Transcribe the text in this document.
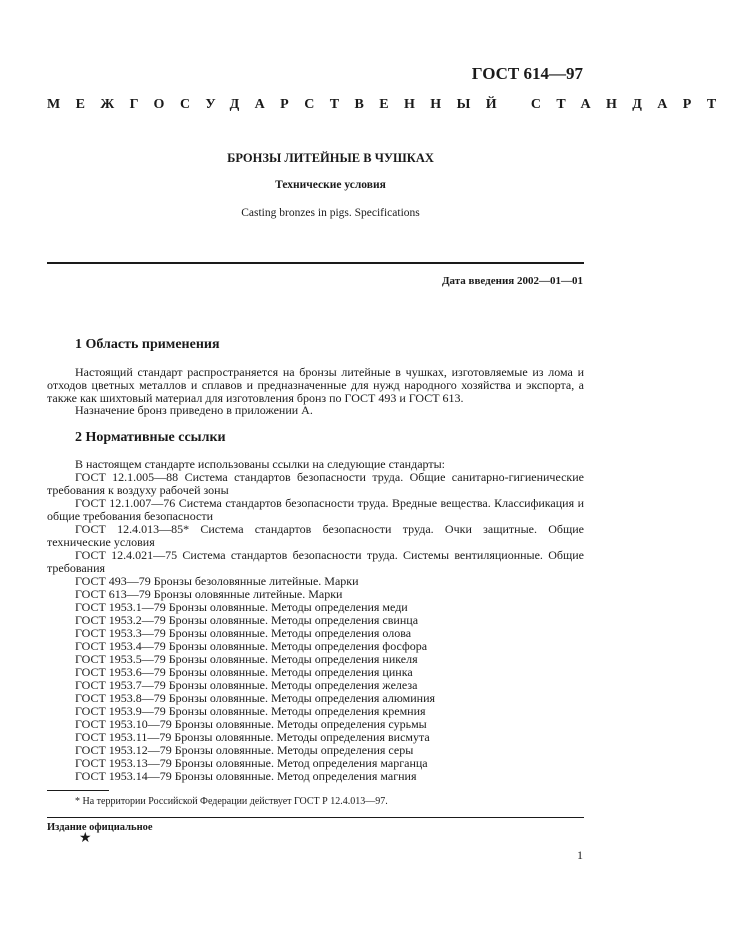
ГОСТ 614—97
МЕЖГОСУДАРСТВЕННЫЙ СТАНДАРТ
БРОНЗЫ ЛИТЕЙНЫЕ В ЧУШКАХ
Технические условия
Casting bronzes in pigs. Specifications
Дата введения 2002—01—01
1 Область применения
Настоящий стандарт распространяется на бронзы литейные в чушках, изготовляемые из лома и отходов цветных металлов и сплавов и предназначенные для нужд народного хозяйства и экспорта, а также как шихтовый материал для изготовления бронз по ГОСТ 493 и ГОСТ 613.
Назначение бронз приведено в приложении А.
2 Нормативные ссылки
В настоящем стандарте использованы ссылки на следующие стандарты:
ГОСТ 12.1.005—88 Система стандартов безопасности труда. Общие санитарно-гигиенические требования к воздуху рабочей зоны
ГОСТ 12.1.007—76 Система стандартов безопасности труда. Вредные вещества. Классификация и общие требования безопасности
ГОСТ 12.4.013—85* Система стандартов безопасности труда. Очки защитные. Общие технические условия
ГОСТ 12.4.021—75 Система стандартов безопасности труда. Системы вентиляционные. Общие требования
ГОСТ 493—79 Бронзы безоловянные литейные. Марки
ГОСТ 613—79 Бронзы оловянные литейные. Марки
ГОСТ 1953.1—79 Бронзы оловянные. Методы определения меди
ГОСТ 1953.2—79 Бронзы оловянные. Методы определения свинца
ГОСТ 1953.3—79 Бронзы оловянные. Методы определения олова
ГОСТ 1953.4—79 Бронзы оловянные. Методы определения фосфора
ГОСТ 1953.5—79 Бронзы оловянные. Методы определения никеля
ГОСТ 1953.6—79 Бронзы оловянные. Методы определения цинка
ГОСТ 1953.7—79 Бронзы оловянные. Методы определения железа
ГОСТ 1953.8—79 Бронзы оловянные. Методы определения алюминия
ГОСТ 1953.9—79 Бронзы оловянные. Методы определения кремния
ГОСТ 1953.10—79 Бронзы оловянные. Методы определения сурьмы
ГОСТ 1953.11—79 Бронзы оловянные. Методы определения висмута
ГОСТ 1953.12—79 Бронзы оловянные. Методы определения серы
ГОСТ 1953.13—79 Бронзы оловянные. Метод определения марганца
ГОСТ 1953.14—79 Бронзы оловянные. Метод определения магния
* На территории Российской Федерации действует ГОСТ Р 12.4.013—97.
Издание официальное
★
1
